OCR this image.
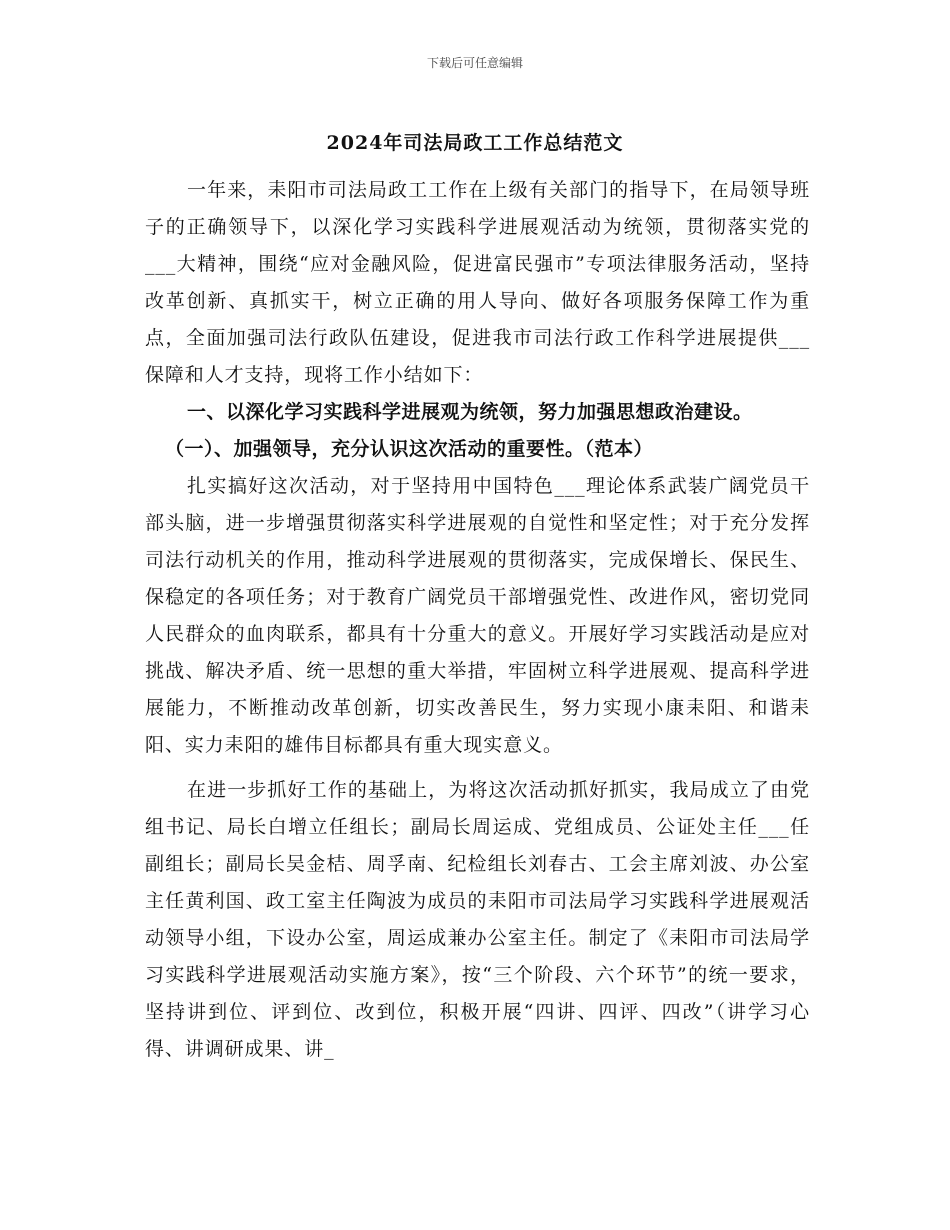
下载后可任意编辑
2024年司法局政工工作总结范文

一年来，耒阳市司法局政工工作在上级有关部门的指导下，在局领导班子的正确领导下，以深化学习实践科学进展观活动为统领，贯彻落实党的___大精神，围绕“应对金融风险，促进富民强市”专项法律服务活动，坚持改革创新、真抓实干，树立正确的用人导向、做好各项服务保障工作为重点，全面加强司法行政队伍建设，促进我市司法行政工作科学进展提供___保障和人才支持，现将工作小结如下：

一、以深化学习实践科学进展观为统领，努力加强思想政治建设。

（一）、加强领导，充分认识这次活动的重要性。（范本）

扎实搞好这次活动，对于坚持用中国特色___理论体系武装广阔党员干部头脑，进一步增强贯彻落实科学进展观的自觉性和坚定性；对于充分发挥司法行动机关的作用，推动科学进展观的贯彻落实，完成保增长、保民生、保稳定的各项任务；对于教育广阔党员干部增强党性、改进作风，密切党同人民群众的血肉联系，都具有十分重大的意义。开展好学习实践活动是应对挑战、解决矛盾、统一思想的重大举措，牢固树立科学进展观、提高科学进展能力，不断推动改革创新，切实改善民生，努力实现小康耒阳、和谐耒阳、实力耒阳的雄伟目标都具有重大现实意义。

在进一步抓好工作的基础上，为将这次活动抓好抓实，我局成立了由党组书记、局长白增立任组长；副局长周运成、党组成员、公证处主任___任副组长；副局长吴金桔、周孚南、纪检组长刘春古、工会主席刘波、办公室主任黄利国、政工室主任陶波为成员的耒阳市司法局学习实践科学进展观活动领导小组，下设办公室，周运成兼办公室主任。制定了《耒阳市司法局学习实践科学进展观活动实施方案》，按“三个阶段、六个环节”的统一要求，坚持讲到位、评到位、改到位，积极开展“四讲、四评、四改”（讲学习心得、讲调研成果、讲_
